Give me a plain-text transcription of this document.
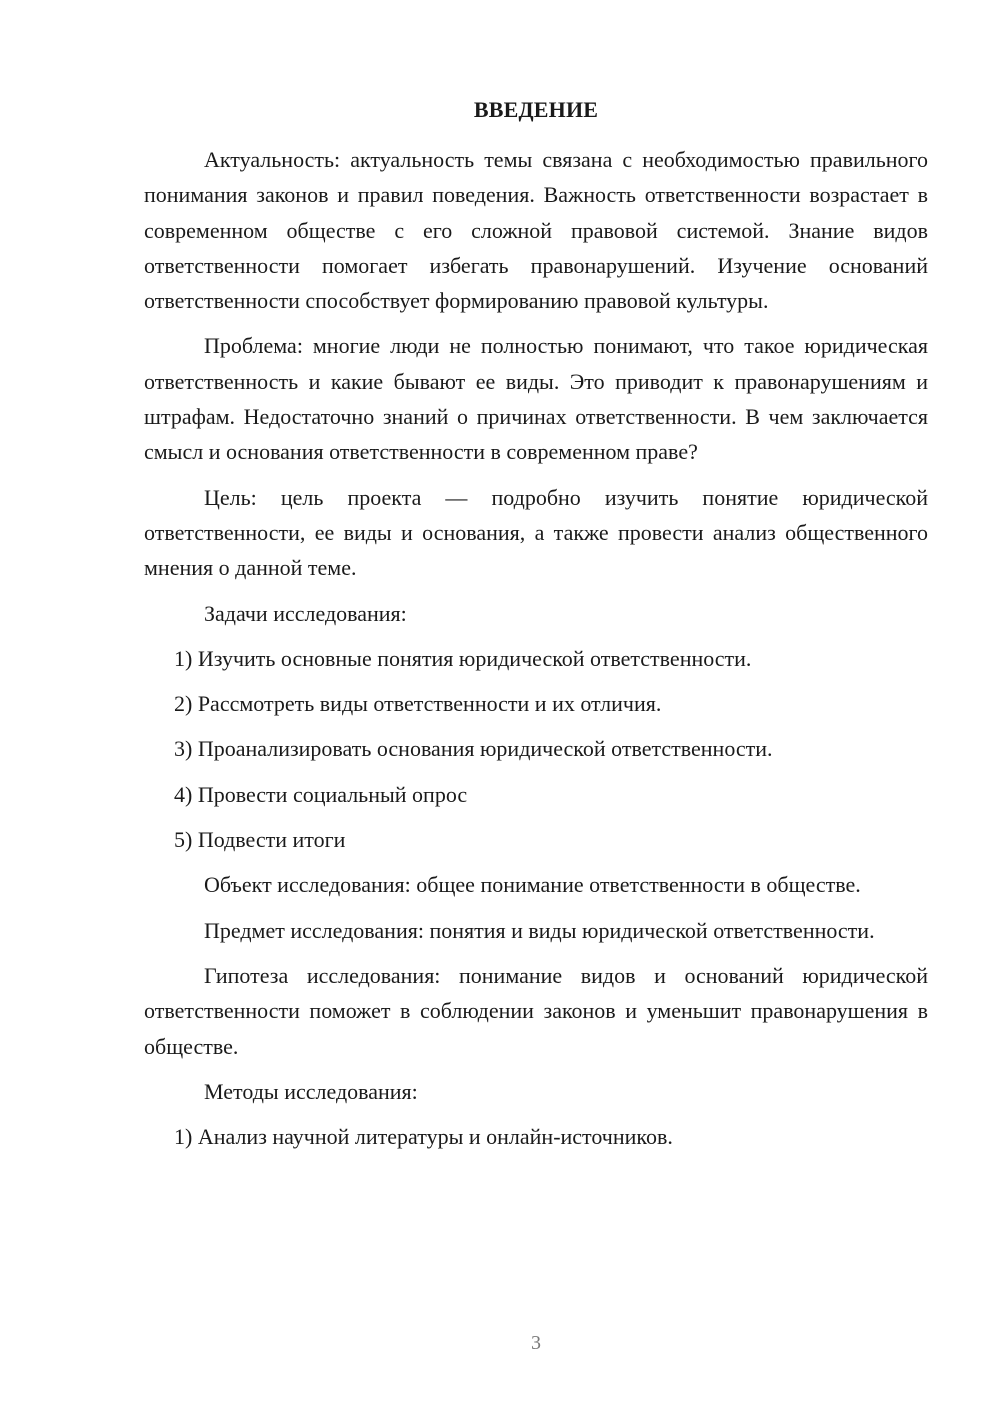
ВВЕДЕНИЕ

Актуальность: актуальность темы связана с необходимостью правильного понимания законов и правил поведения. Важность ответственности возрастает в современном обществе с его сложной правовой системой. Знание видов ответственности помогает избегать правонарушений. Изучение оснований ответственности способствует формированию правовой культуры.

Проблема: многие люди не полностью понимают, что такое юридическая ответственность и какие бывают ее виды. Это приводит к правонарушениям и штрафам. Недостаточно знаний о причинах ответственности. В чем заключается смысл и основания ответственности в современном праве?

Цель: цель проекта — подробно изучить понятие юридической ответственности, ее виды и основания, а также провести анализ общественного мнения о данной теме.

Задачи исследования:

1) Изучить основные понятия юридической ответственности.
2) Рассмотреть виды ответственности и их отличия.
3) Проанализировать основания юридической ответственности.
4) Провести социальный опрос
5) Подвести итоги

Объект исследования: общее понимание ответственности в обществе.

Предмет исследования: понятия и виды юридической ответственности.

Гипотеза исследования: понимание видов и оснований юридической ответственности поможет в соблюдении законов и уменьшит правонарушения в обществе.

Методы исследования:

1) Анализ научной литературы и онлайн-источников.
3
